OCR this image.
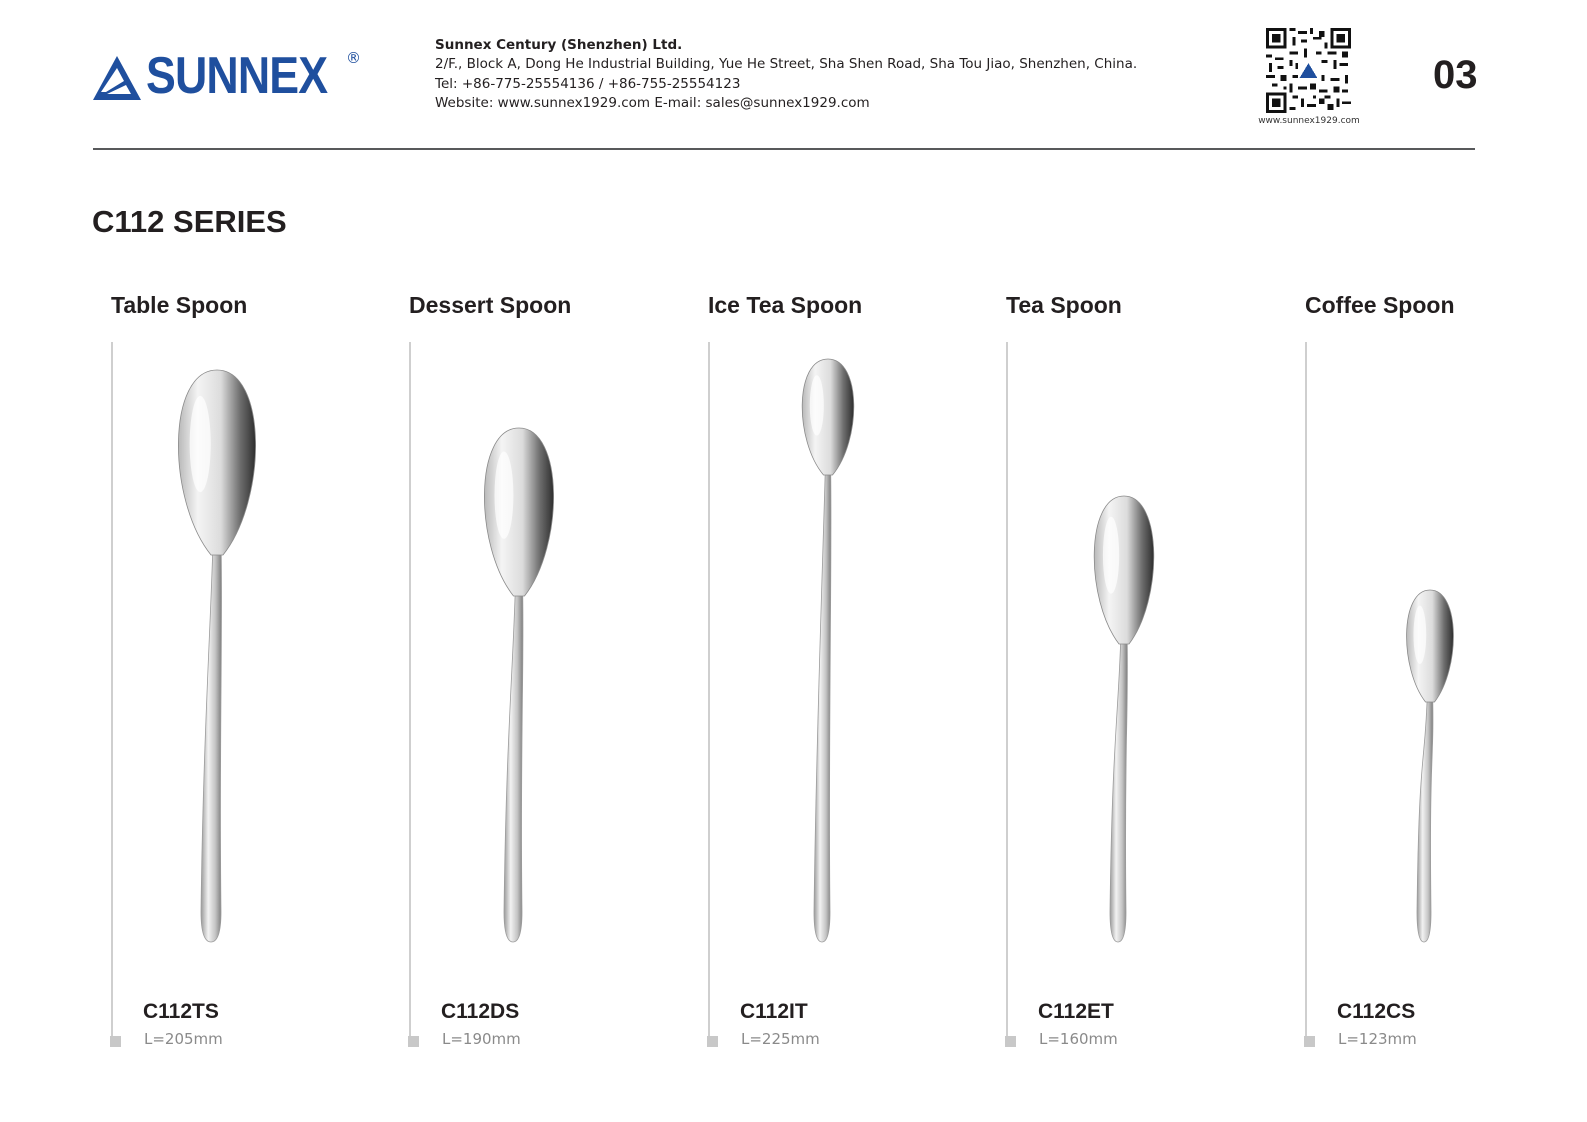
SUNNEX ®
Sunnex Century (Shenzhen) Ltd.
2/F., Block A, Dong He Industrial Building, Yue He Street, Sha Shen Road, Sha Tou Jiao, Shenzhen, China.
Tel: +86-775-25554136 / +86-755-25554123
Website: www.sunnex1929.com E-mail: sales@sunnex1929.com
www.sunnex1929.com
03
C112 SERIES
Table Spoon
C112TS
L=205mm
Dessert Spoon
C112DS
L=190mm
Ice Tea Spoon
C112IT
L=225mm
Tea Spoon
C112ET
L=160mm
Coffee Spoon
C112CS
L=123mm
